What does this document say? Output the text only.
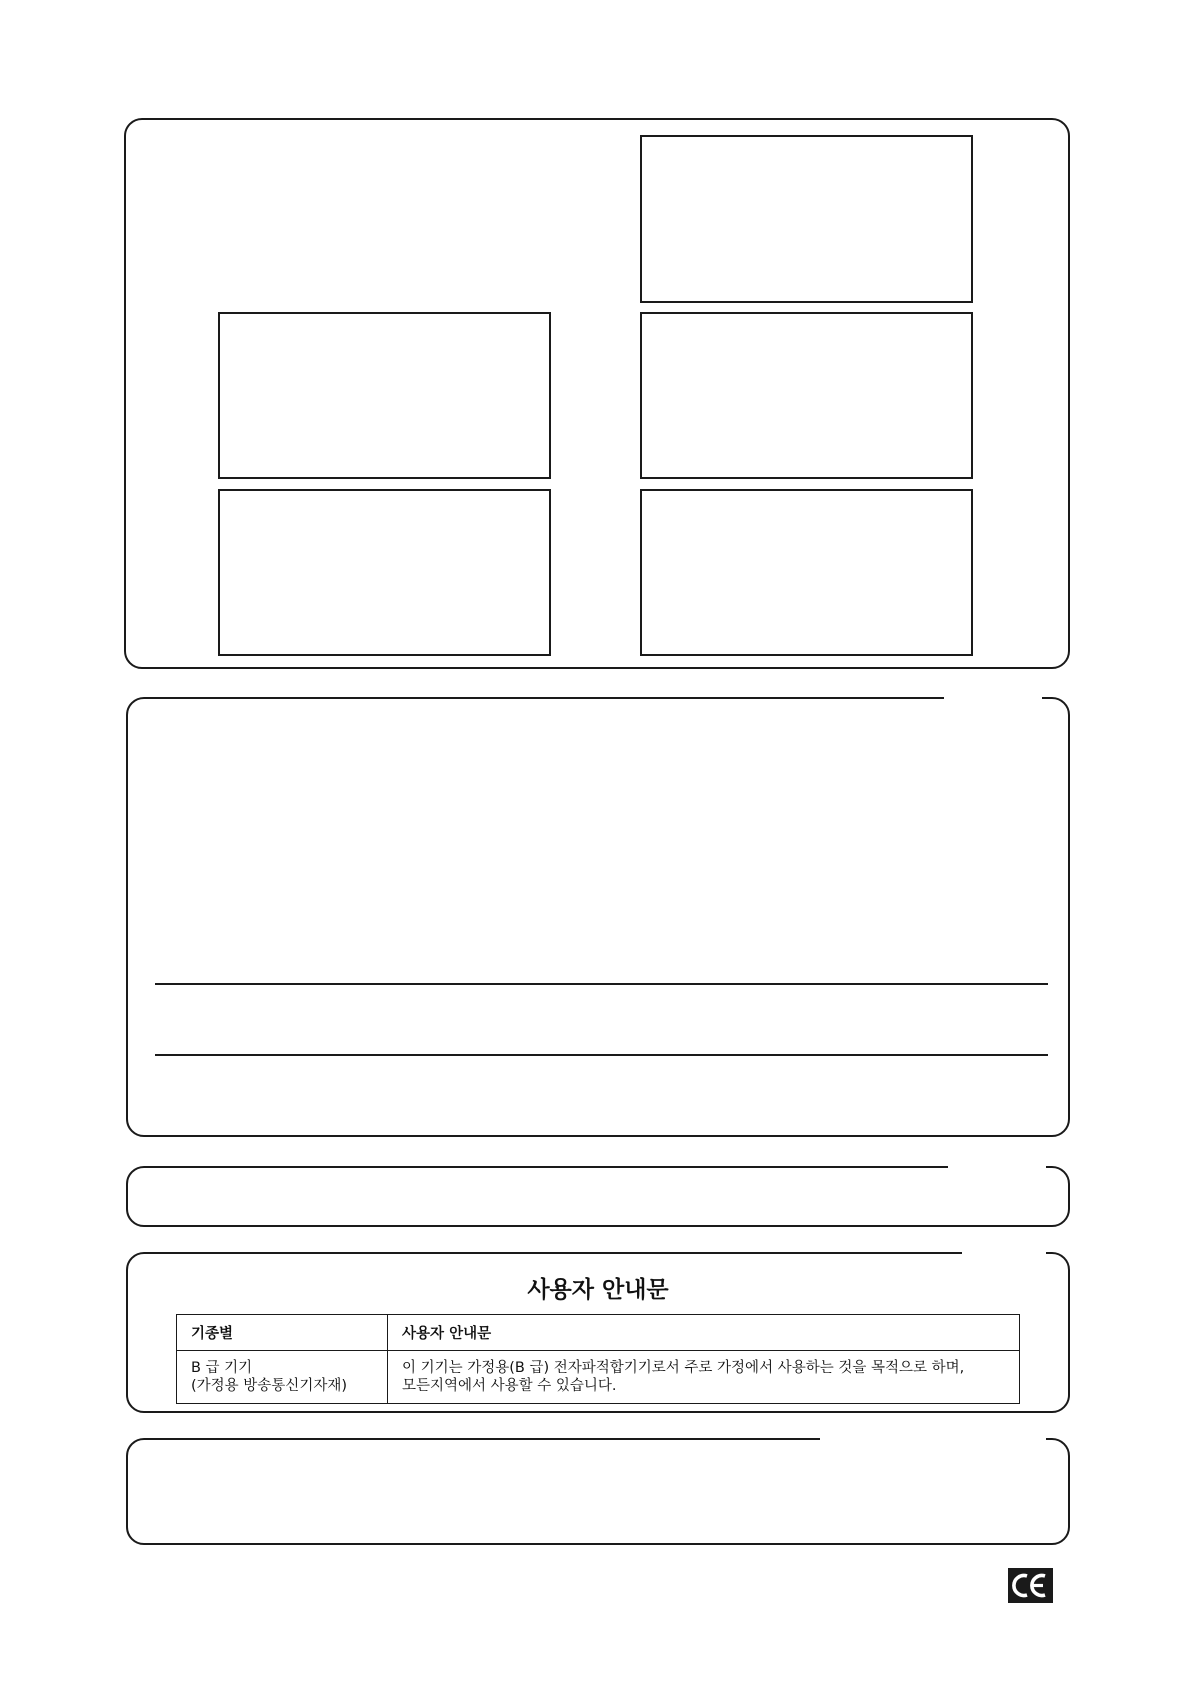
사용자 안내문
기종별	사용자 안내문

B 급 기기
(가정용 방송통신기자재)	이 기기는 가정용(B 급) 전자파적합기기로서 주로 가정에서 사용하는 것을 목적으로 하며,
모든지역에서 사용할 수 있습니다.
